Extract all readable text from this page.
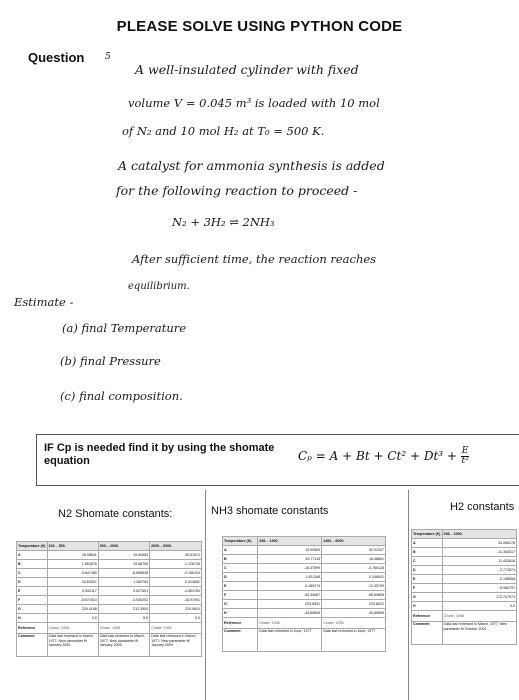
PLEASE SOLVE USING PYTHON CODE
Question 5
A well-insulated cylinder with fixed
volume V = 0.045 m³ is loaded with 10 mol
of N₂ and 10 mol H₂ at T₀ = 500 K.
A catalyst for ammonia synthesis is added
for the following reaction to proceed -
N₂ + 3H₂ ⇌ 2NH₃
After sufficient time, the reaction reaches
equilibrium.
Estimate -
(a) final Temperature
(b) final Pressure
(c) final composition.
IF Cp is needed find it by using the shomate equation	$C_p = A + Bt + Ct^2 + Dt^3 + \frac{E}{\text{t²}}$
N2 Shomate constants:	NH3 shomate constants	H2 constants
Temperature (K)	100. - 500.	500. - 2000.	2000. - 6000.
A	28.98641	19.50583	35.51872
B	1.853978	19.88705	1.128728
C	-9.647459	-8.598535	-0.196103
D	16.63537	1.369784	0.014662
E	0.000117	0.527601	-4.553760
F	-8.671914	-4.935202	-18.97091
G	226.4168	212.3900	224.9810
H	0.0	0.0	0.0
Reference	Chase, 1998	Chase, 1998	Chase, 1998
Comment	Data last reviewed in March, 1977; New parameter fit January 2009	Data last reviewed in March, 1977; New parameter fit January 2009	Data last reviewed in March, 1977; New parameter fit January 2009
Temperature (K)	298. - 1400.	1400. - 6000.
A	19.99563	52.02427
B	49.77119	18.48801
C	-15.37599	-3.765128
D	1.921168	0.248541
E	0.189174	-12.45799
F	-53.30667	-85.53895
G	203.8591	223.8022
H	-45.89806	-45.89806
Reference	Chase, 1998	Chase, 1998
Comment	Data last reviewed in June, 1977	Data last reviewed in June, 1977
Temperature (K)	298. - 1000.
A	33.066178
B	-11.363417
C	11.432816
D	-2.772874
E	-0.158558
F	-9.980797
G	172.707974
H	0.0
Reference	Chase, 1998
Comment	Data last reviewed in March, 1977; New parameter fit October 2001
